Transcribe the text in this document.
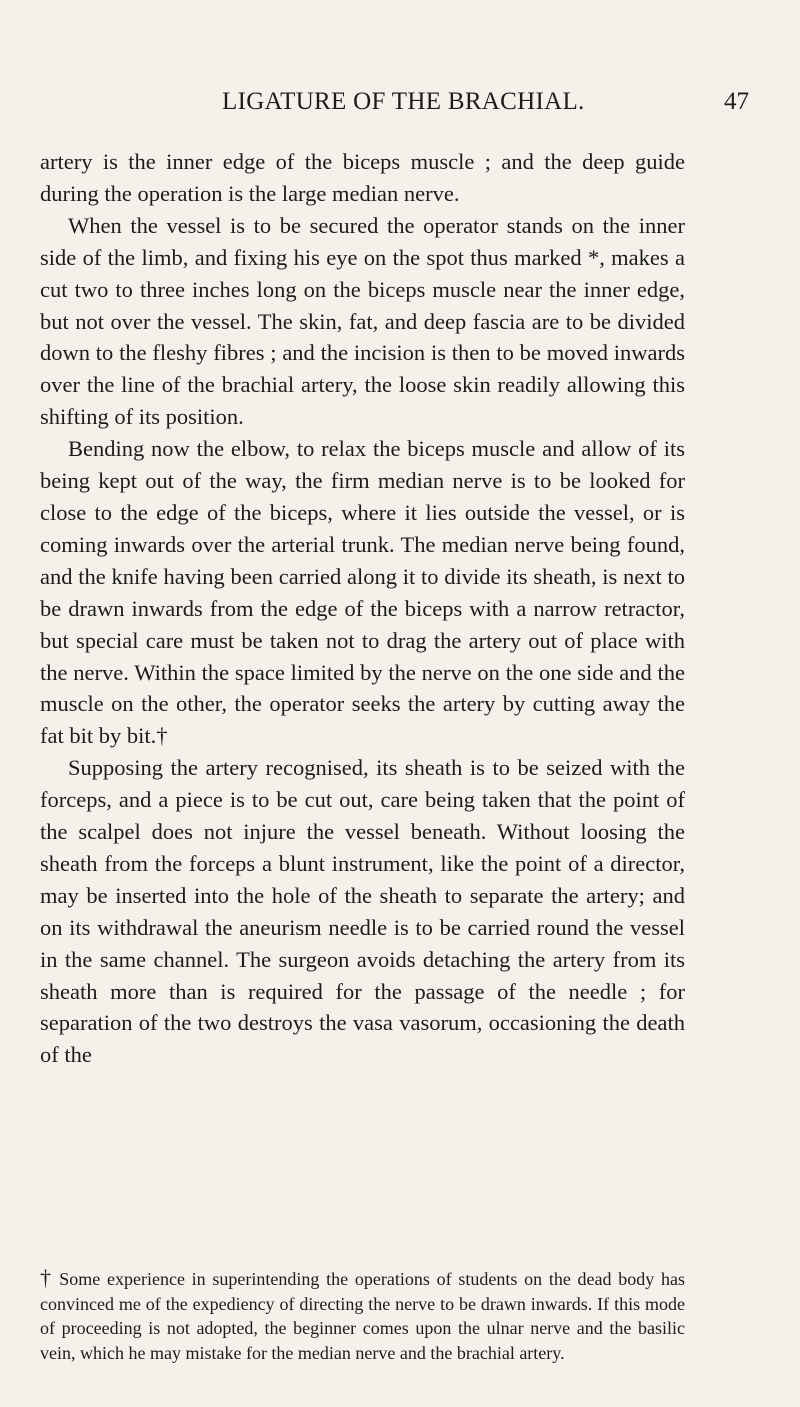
LIGATURE OF THE BRACHIAL.	47

artery is the inner edge of the biceps muscle ; and the deep guide during the operation is the large median nerve.

When the vessel is to be secured the operator stands on the inner side of the limb, and fixing his eye on the spot thus marked *, makes a cut two to three inches long on the biceps muscle near the inner edge, but not over the vessel. The skin, fat, and deep fascia are to be divided down to the fleshy fibres ; and the incision is then to be moved inwards over the line of the brachial artery, the loose skin readily allowing this shifting of its position.

Bending now the elbow, to relax the biceps muscle and allow of its being kept out of the way, the firm median nerve is to be looked for close to the edge of the biceps, where it lies outside the vessel, or is coming inwards over the arterial trunk. The median nerve being found, and the knife having been carried along it to divide its sheath, is next to be drawn inwards from the edge of the biceps with a narrow retractor, but special care must be taken not to drag the artery out of place with the nerve. Within the space limited by the nerve on the one side and the muscle on the other, the operator seeks the artery by cutting away the fat bit by bit.†

Supposing the artery recognised, its sheath is to be seized with the forceps, and a piece is to be cut out, care being taken that the point of the scalpel does not injure the vessel beneath. Without loosing the sheath from the forceps a blunt instrument, like the point of a director, may be inserted into the hole of the sheath to separate the artery; and on its withdrawal the aneurism needle is to be carried round the vessel in the same channel. The surgeon avoids detaching the artery from its sheath more than is required for the passage of the needle ; for separation of the two destroys the vasa vasorum, occasioning the death of the

† Some experience in superintending the operations of students on the dead body has convinced me of the expediency of directing the nerve to be drawn inwards. If this mode of proceeding is not adopted, the beginner comes upon the ulnar nerve and the basilic vein, which he may mistake for the median nerve and the brachial artery.
